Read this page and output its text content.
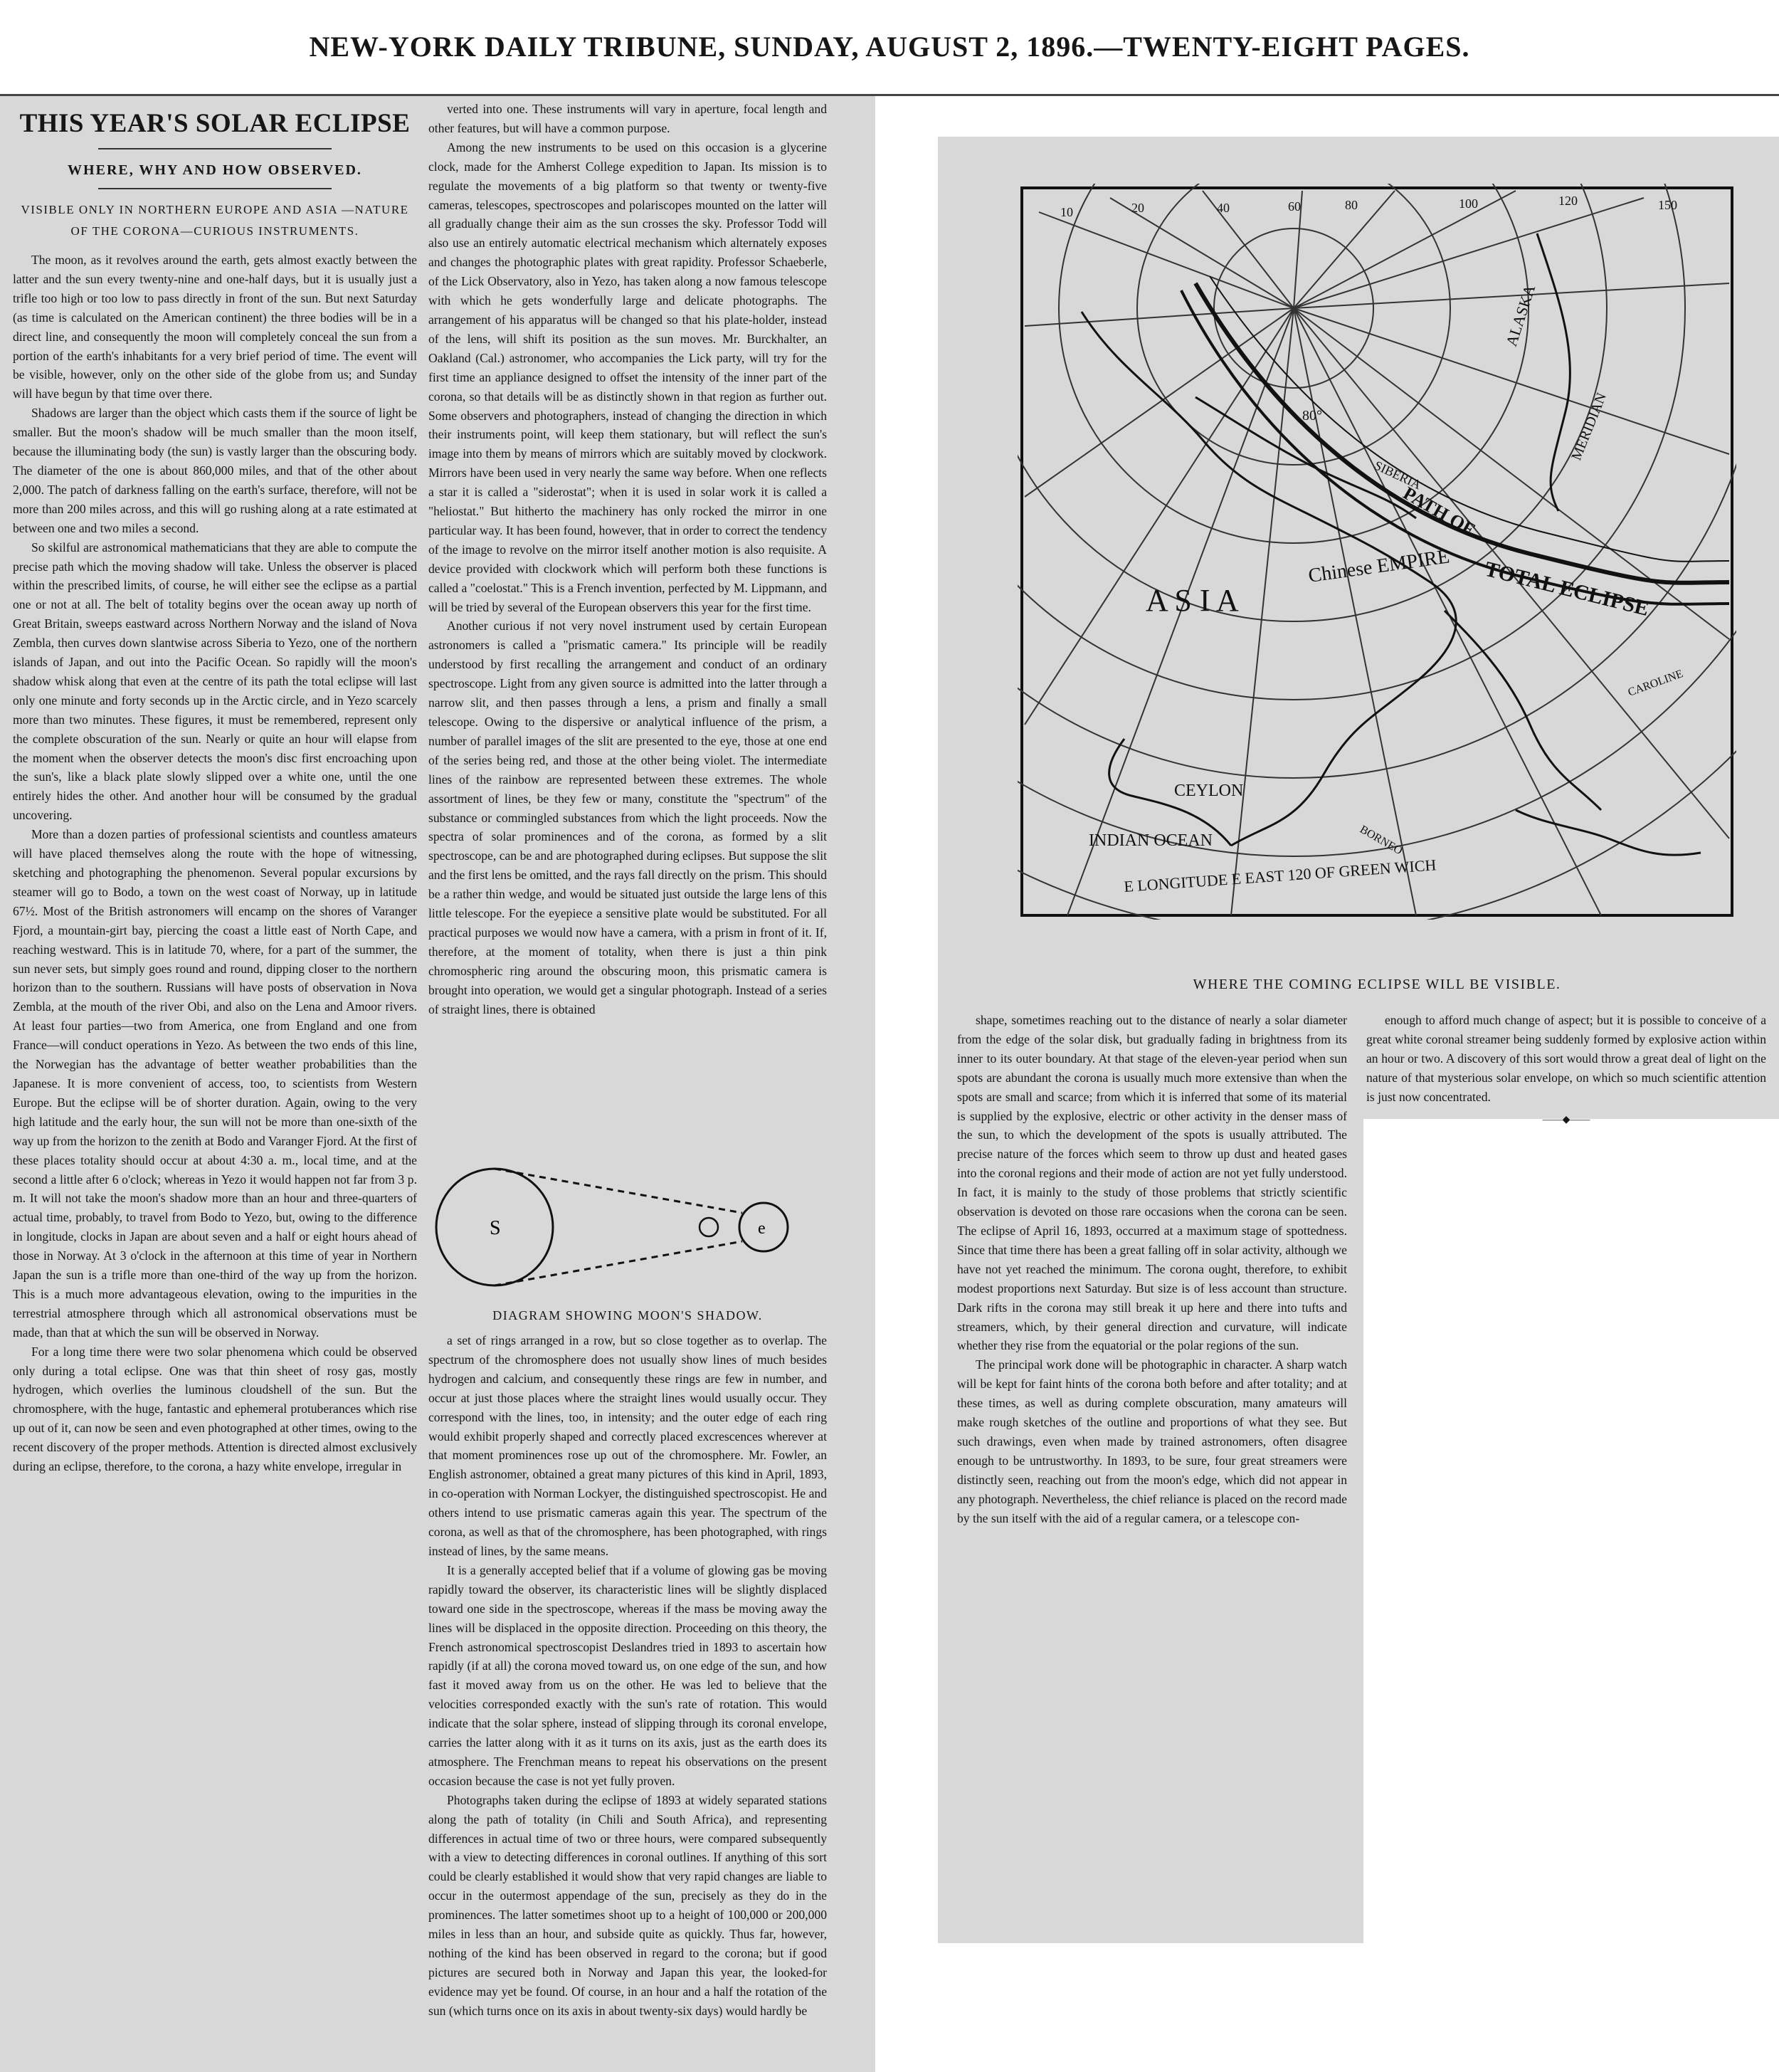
NEW-YORK DAILY TRIBUNE, SUNDAY, AUGUST 2, 1896.—TWENTY-EIGHT PAGES.
THIS YEAR'S SOLAR ECLIPSE
WHERE, WHY AND HOW OBSERVED.
VISIBLE ONLY IN NORTHERN EUROPE AND ASIA —NATURE OF THE CORONA—CURIOUS INSTRUMENTS.

The moon, as it revolves around the earth, gets almost exactly between the latter and the sun every twenty-nine and one-half days, but it is usually just a trifle too high or too low to pass directly in front of the sun. But next Saturday (as time is calculated on the American continent) the three bodies will be in a direct line, and consequently the moon will completely conceal the sun from a portion of the earth's inhabitants for a very brief period of time. The event will be visible, however, only on the other side of the globe from us; and Sunday will have begun by that time over there.

Shadows are larger than the object which casts them if the source of light be smaller. But the moon's shadow will be much smaller than the moon itself, because the illuminating body (the sun) is vastly larger than the obscuring body. The diameter of the one is about 860,000 miles, and that of the other about 2,000. The patch of darkness falling on the earth's surface, therefore, will not be more than 200 miles across, and this will go rushing along at a rate estimated at between one and two miles a second.

So skilful are astronomical mathematicians that they are able to compute the precise path which the moving shadow will take. Unless the observer is placed within the prescribed limits, of course, he will either see the eclipse as a partial one or not at all. The belt of totality begins over the ocean away up north of Great Britain, sweeps eastward across Northern Norway and the island of Nova Zembla, then curves down slantwise across Siberia to Yezo, one of the northern islands of Japan, and out into the Pacific Ocean. So rapidly will the moon's shadow whisk along that even at the centre of its path the total eclipse will last only one minute and forty seconds up in the Arctic circle, and in Yezo scarcely more than two minutes. These figures, it must be remembered, represent only the complete obscuration of the sun. Nearly or quite an hour will elapse from the moment when the observer detects the moon's disc first encroaching upon the sun's, like a black plate slowly slipped over a white one, until the one entirely hides the other. And another hour will be consumed by the gradual uncovering.

More than a dozen parties of professional scientists and countless amateurs will have placed themselves along the route with the hope of witnessing, sketching and photographing the phenomenon. Several popular excursions by steamer will go to Bodo, a town on the west coast of Norway, up in latitude 67½. Most of the British astronomers will encamp on the shores of Varanger Fjord, a mountain-girt bay, piercing the coast a little east of North Cape, and reaching westward. This is in latitude 70, where, for a part of the summer, the sun never sets, but simply goes round and round, dipping closer to the northern horizon than to the southern. Russians will have posts of observation in Nova Zembla, at the mouth of the river Obi, and also on the Lena and Amoor rivers. At least four parties—two from America, one from England and one from France—will conduct operations in Yezo. As between the two ends of this line, the Norwegian has the advantage of better weather probabilities than the Japanese. It is more convenient of access, too, to scientists from Western Europe. But the eclipse will be of shorter duration. Again, owing to the very high latitude and the early hour, the sun will not be more than one-sixth of the way up from the horizon to the zenith at Bodo and Varanger Fjord. At the first of these places totality should occur at about 4:30 a. m., local time, and at the second a little after 6 o'clock; whereas in Yezo it would happen not far from 3 p. m. It will not take the moon's shadow more than an hour and three-quarters of actual time, probably, to travel from Bodo to Yezo, but, owing to the difference in longitude, clocks in Japan are about seven and a half or eight hours ahead of those in Norway. At 3 o'clock in the afternoon at this time of year in Northern Japan the sun is a trifle more than one-third of the way up from the horizon. This is a much more advantageous elevation, owing to the impurities in the terrestrial atmosphere through which all astronomical observations must be made, than that at which the sun will be observed in Norway.

For a long time there were two solar phenomena which could be observed only during a total eclipse. One was that thin sheet of rosy gas, mostly hydrogen, which overlies the luminous cloudshell of the sun. But the chromosphere, with the huge, fantastic and ephemeral protuberances which rise up out of it, can now be seen and even photographed at other times, owing to the recent discovery of the proper methods. Attention is directed almost exclusively during an eclipse, therefore, to the corona, a hazy white envelope, irregular in

verted into one. These instruments will vary in aperture, focal length and other features, but will have a common purpose.

Among the new instruments to be used on this occasion is a glycerine clock, made for the Amherst College expedition to Japan. Its mission is to regulate the movements of a big platform so that twenty or twenty-five cameras, telescopes, spectroscopes and polariscopes mounted on the latter will all gradually change their aim as the sun crosses the sky. Professor Todd will also use an entirely automatic electrical mechanism which alternately exposes and changes the photographic plates with great rapidity. Professor Schaeberle, of the Lick Observatory, also in Yezo, has taken along a now famous telescope with which he gets wonderfully large and delicate photographs. The arrangement of his apparatus will be changed so that his plate-holder, instead of the lens, will shift its position as the sun moves. Mr. Burckhalter, an Oakland (Cal.) astronomer, who accompanies the Lick party, will try for the first time an appliance designed to offset the intensity of the inner part of the corona, so that details will be as distinctly shown in that region as further out. Some observers and photographers, instead of changing the direction in which their instruments point, will keep them stationary, but will reflect the sun's image into them by means of mirrors which are suitably moved by clockwork. Mirrors have been used in very nearly the same way before. When one reflects a star it is called a "siderostat"; when it is used in solar work it is called a "heliostat." But hitherto the machinery has only rocked the mirror in one particular way. It has been found, however, that in order to correct the tendency of the image to revolve on the mirror itself another motion is also requisite. A device provided with clockwork which will perform both these functions is called a "coelostat." This is a French invention, perfected by M. Lippmann, and will be tried by several of the European observers this year for the first time.

Another curious if not very novel instrument used by certain European astronomers is called a "prismatic camera." Its principle will be readily understood by first recalling the arrangement and conduct of an ordinary spectroscope. Light from any given source is admitted into the latter through a narrow slit, and then passes through a lens, a prism and finally a small telescope. Owing to the dispersive or analytical influence of the prism, a number of parallel images of the slit are presented to the eye, those at one end of the series being red, and those at the other being violet. The intermediate lines of the rainbow are represented between these extremes. The whole assortment of lines, be they few or many, constitute the "spectrum" of the substance or commingled substances from which the light proceeds. Now the spectra of solar prominences and of the corona, as formed by a slit spectroscope, can be and are photographed during eclipses. But suppose the slit and the first lens be omitted, and the rays fall directly on the prism. This should be a rather thin wedge, and would be situated just outside the large lens of this little telescope. For the eyepiece a sensitive plate would be substituted. For all practical purposes we would now have a camera, with a prism in front of it. If, therefore, at the moment of totality, when there is just a thin pink chromospheric ring around the obscuring moon, this prismatic camera is brought into operation, we would get a singular photograph. Instead of a series of straight lines, there is obtained

S	e
DIAGRAM SHOWING MOON'S SHADOW.

a set of rings arranged in a row, but so close together as to overlap. The spectrum of the chromosphere does not usually show lines of much besides hydrogen and calcium, and consequently these rings are few in number, and occur at just those places where the straight lines would usually occur. They correspond with the lines, too, in intensity; and the outer edge of each ring would exhibit properly shaped and correctly placed excrescences wherever at that moment prominences rose up out of the chromosphere. Mr. Fowler, an English astronomer, obtained a great many pictures of this kind in April, 1893, in co-operation with Norman Lockyer, the distinguished spectroscopist. He and others intend to use prismatic cameras again this year. The spectrum of the corona, as well as that of the chromosphere, has been photographed, with rings instead of lines, by the same means.

It is a generally accepted belief that if a volume of glowing gas be moving rapidly toward the observer, its characteristic lines will be slightly displaced toward one side in the spectroscope, whereas if the mass be moving away the lines will be displaced in the opposite direction. Proceeding on this theory, the French astronomical spectroscopist Deslandres tried in 1893 to ascertain how rapidly (if at all) the corona moved toward us, on one edge of the sun, and how fast it moved away from us on the other. He was led to believe that the velocities corresponded exactly with the sun's rate of rotation. This would indicate that the solar sphere, instead of slipping through its coronal envelope, carries the latter along with it as it turns on its axis, just as the earth does its atmosphere. The Frenchman means to repeat his observations on the present occasion because the case is not yet fully proven.

Photographs taken during the eclipse of 1893 at widely separated stations along the path of totality (in Chili and South Africa), and representing differences in actual time of two or three hours, were compared subsequently with a view to detecting differences in coronal outlines. If anything of this sort could be clearly established it would show that very rapid changes are liable to occur in the outermost appendage of the sun, precisely as they do in the prominences. The latter sometimes shoot up to a height of 100,000 or 200,000 miles in less than an hour, and subside quite as quickly. Thus far, however, nothing of the kind has been observed in regard to the corona; but if good pictures are secured both in Norway and Japan this year, the looked-for evidence may yet be found. Of course, in an hour and a half the rotation of the sun (which turns once on its axis in about twenty-six days) would hardly be

10	20	40	60	80	100	120	150
80°
ALASKA
MERIDIAN
SIBERIA
PATH OF
TOTAL ECLIPSE
A S I A
Chinese EMPIRE
CEYLON
BORNEO
INDIAN OCEAN
CAROLINE
E LONGITUDE E EAST 120 OF GREEN WICH
WHERE THE COMING ECLIPSE WILL BE VISIBLE.

shape, sometimes reaching out to the distance of nearly a solar diameter from the edge of the solar disk, but gradually fading in brightness from its inner to its outer boundary. At that stage of the eleven-year period when sun spots are abundant the corona is usually much more extensive than when the spots are small and scarce; from which it is inferred that some of its material is supplied by the explosive, electric or other activity in the denser mass of the sun, to which the development of the spots is usually attributed. The precise nature of the forces which seem to throw up dust and heated gases into the coronal regions and their mode of action are not yet fully understood. In fact, it is mainly to the study of those problems that strictly scientific observation is devoted on those rare occasions when the corona can be seen. The eclipse of April 16, 1893, occurred at a maximum stage of spottedness. Since that time there has been a great falling off in solar activity, although we have not yet reached the minimum. The corona ought, therefore, to exhibit modest proportions next Saturday. But size is of less account than structure. Dark rifts in the corona may still break it up here and there into tufts and streamers, which, by their general direction and curvature, will indicate whether they rise from the equatorial or the polar regions of the sun.

The principal work done will be photographic in character. A sharp watch will be kept for faint hints of the corona both before and after totality; and at these times, as well as during complete obscuration, many amateurs will make rough sketches of the outline and proportions of what they see. But such drawings, even when made by trained astronomers, often disagree enough to be untrustworthy. In 1893, to be sure, four great streamers were distinctly seen, reaching out from the moon's edge, which did not appear in any photograph. Nevertheless, the chief reliance is placed on the record made by the sun itself with the aid of a regular camera, or a telescope con-

enough to afford much change of aspect; but it is possible to conceive of a great white coronal streamer being suddenly formed by explosive action within an hour or two. A discovery of this sort would throw a great deal of light on the nature of that mysterious solar envelope, on which so much scientific attention is just now concentrated.

——◆——
